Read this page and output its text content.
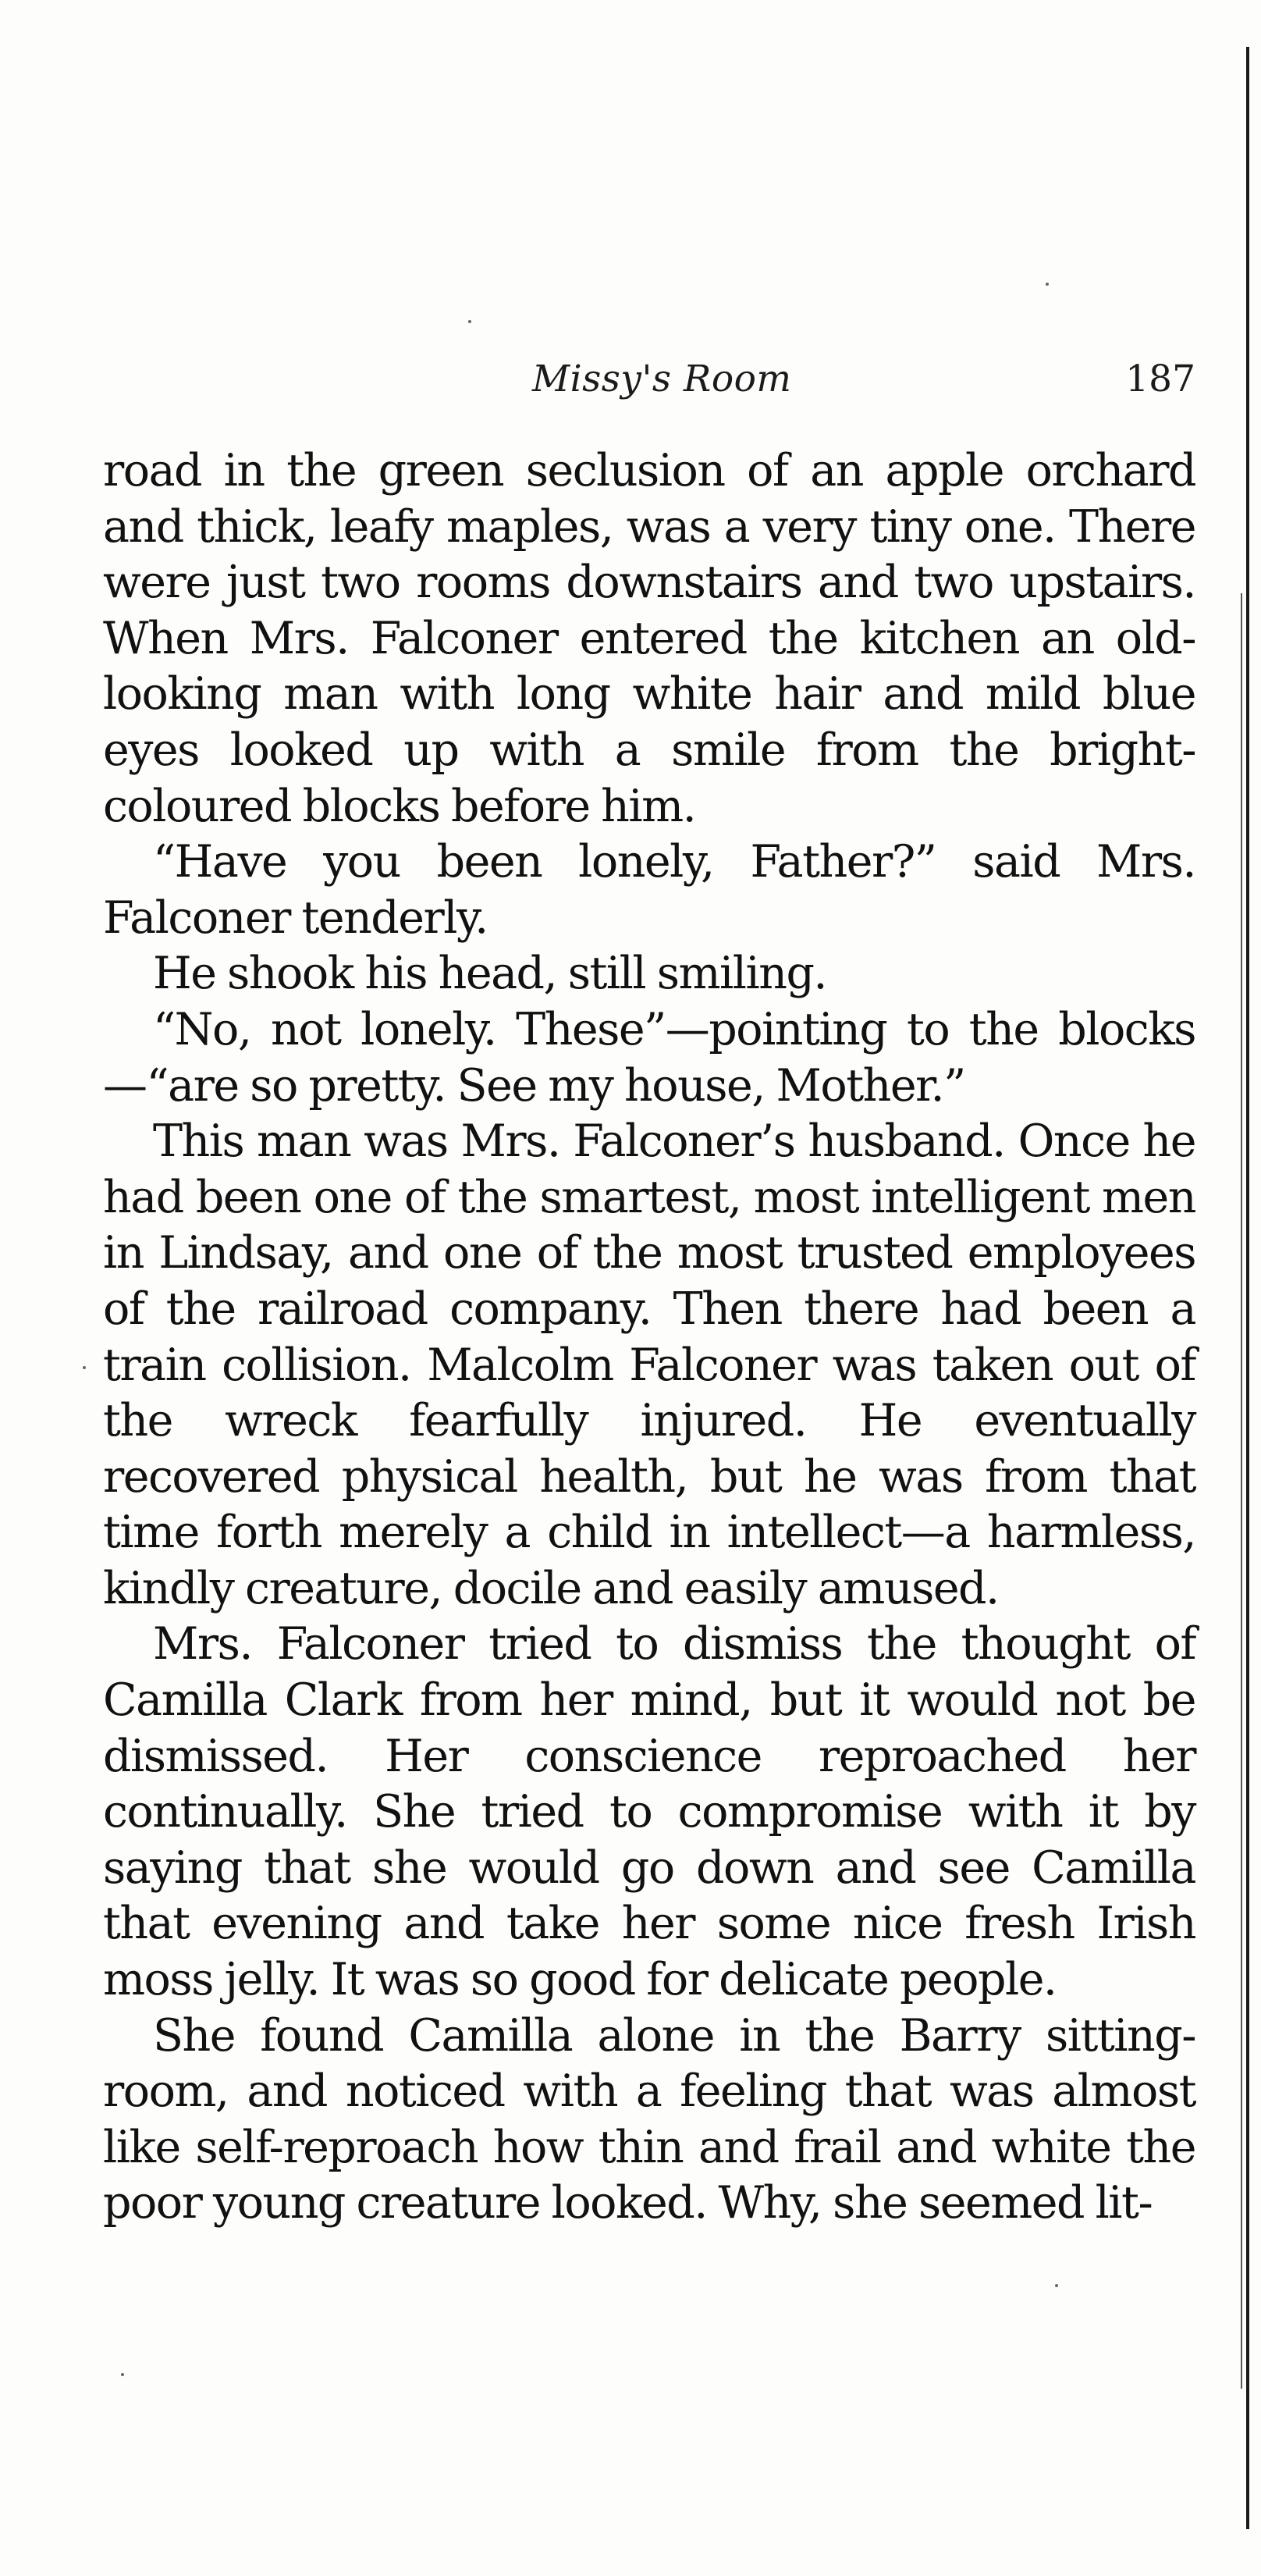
Missy's Room	187

road in the green seclusion of an apple orchard and thick, leafy maples, was a very tiny one. There were just two rooms downstairs and two upstairs. When Mrs. Falconer entered the kitchen an old-looking man with long white hair and mild blue eyes looked up with a smile from the bright-coloured blocks before him.

“Have you been lonely, Father?” said Mrs. Falconer tenderly.

He shook his head, still smiling.

“No, not lonely. These”—pointing to the blocks—“are so pretty. See my house, Mother.”

This man was Mrs. Falconer’s husband. Once he had been one of the smartest, most intelligent men in Lindsay, and one of the most trusted employees of the railroad company. Then there had been a train collision. Malcolm Falconer was taken out of the wreck fearfully injured. He eventually recovered physical health, but he was from that time forth merely a child in intellect—a harmless, kindly creature, docile and easily amused.

Mrs. Falconer tried to dismiss the thought of Camilla Clark from her mind, but it would not be dismissed. Her conscience reproached her continually. She tried to compromise with it by saying that she would go down and see Camilla that evening and take her some nice fresh Irish moss jelly. It was so good for delicate people.

She found Camilla alone in the Barry sitting-room, and noticed with a feeling that was almost like self-reproach how thin and frail and white the poor young creature looked. Why, she seemed lit-
